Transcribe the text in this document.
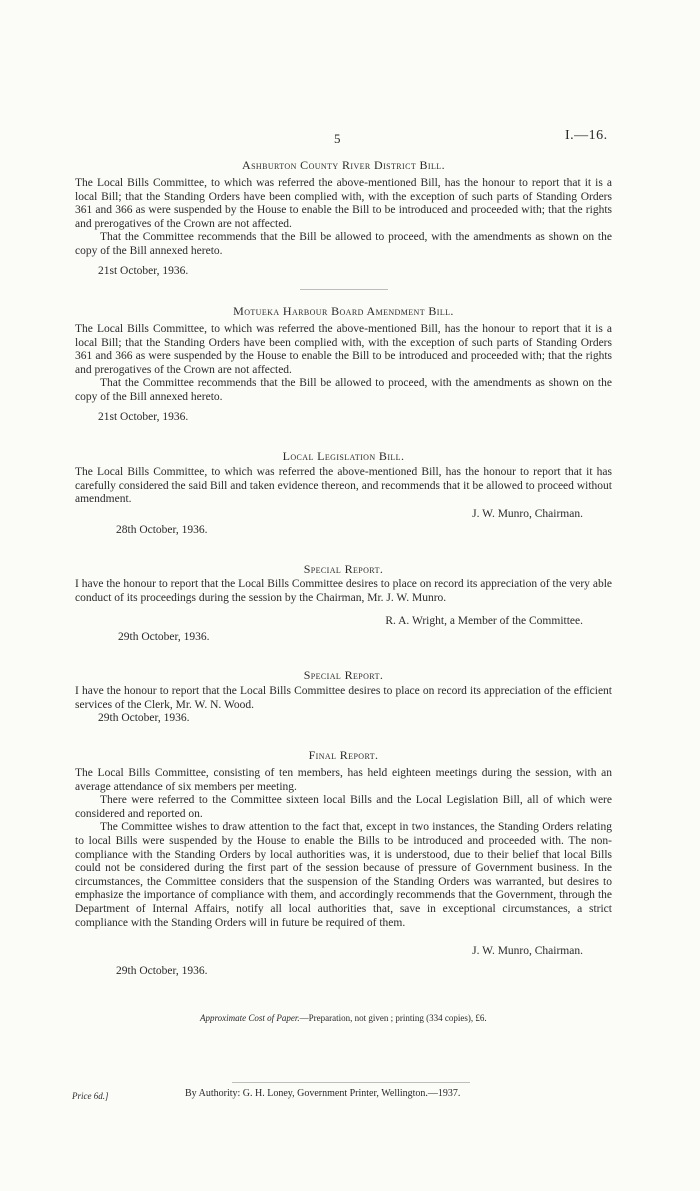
5	I.—16.
Ashburton County River District Bill.

The Local Bills Committee, to which was referred the above-mentioned Bill, has the honour to report that it is a local Bill; that the Standing Orders have been complied with, with the exception of such parts of Standing Orders 361 and 366 as were suspended by the House to enable the Bill to be introduced and proceeded with; that the rights and prerogatives of the Crown are not affected.

That the Committee recommends that the Bill be allowed to proceed, with the amendments as shown on the copy of the Bill annexed hereto.

21st October, 1936.
Motueka Harbour Board Amendment Bill.

The Local Bills Committee, to which was referred the above-mentioned Bill, has the honour to report that it is a local Bill; that the Standing Orders have been complied with, with the exception of such parts of Standing Orders 361 and 366 as were suspended by the House to enable the Bill to be introduced and proceeded with; that the rights and prerogatives of the Crown are not affected.

That the Committee recommends that the Bill be allowed to proceed, with the amendments as shown on the copy of the Bill annexed hereto.

21st October, 1936.
Local Legislation Bill.

The Local Bills Committee, to which was referred the above-mentioned Bill, has the honour to report that it has carefully considered the said Bill and taken evidence thereon, and recommends that it be allowed to proceed without amendment.

J. W. Munro, Chairman.
28th October, 1936.
Special Report.

I have the honour to report that the Local Bills Committee desires to place on record its appreciation of the very able conduct of its proceedings during the session by the Chairman, Mr. J. W. Munro.

R. A. Wright, a Member of the Committee.
29th October, 1936.
Special Report.

I have the honour to report that the Local Bills Committee desires to place on record its appreciation of the efficient services of the Clerk, Mr. W. N. Wood.

29th October, 1936.
Final Report.

The Local Bills Committee, consisting of ten members, has held eighteen meetings during the session, with an average attendance of six members per meeting.

There were referred to the Committee sixteen local Bills and the Local Legislation Bill, all of which were considered and reported on.

The Committee wishes to draw attention to the fact that, except in two instances, the Standing Orders relating to local Bills were suspended by the House to enable the Bills to be introduced and proceeded with. The non-compliance with the Standing Orders by local authorities was, it is understood, due to their belief that local Bills could not be considered during the first part of the session because of pressure of Government business. In the circumstances, the Committee considers that the suspension of the Standing Orders was warranted, but desires to emphasize the importance of compliance with them, and accordingly recommends that the Government, through the Department of Internal Affairs, notify all local authorities that, save in exceptional circumstances, a strict compliance with the Standing Orders will in future be required of them.

J. W. Munro, Chairman.
29th October, 1936.
Approximate Cost of Paper.—Preparation, not given ; printing (334 copies), £6.
Price 6d.]	By Authority: G. H. Loney, Government Printer, Wellington.—1937.
